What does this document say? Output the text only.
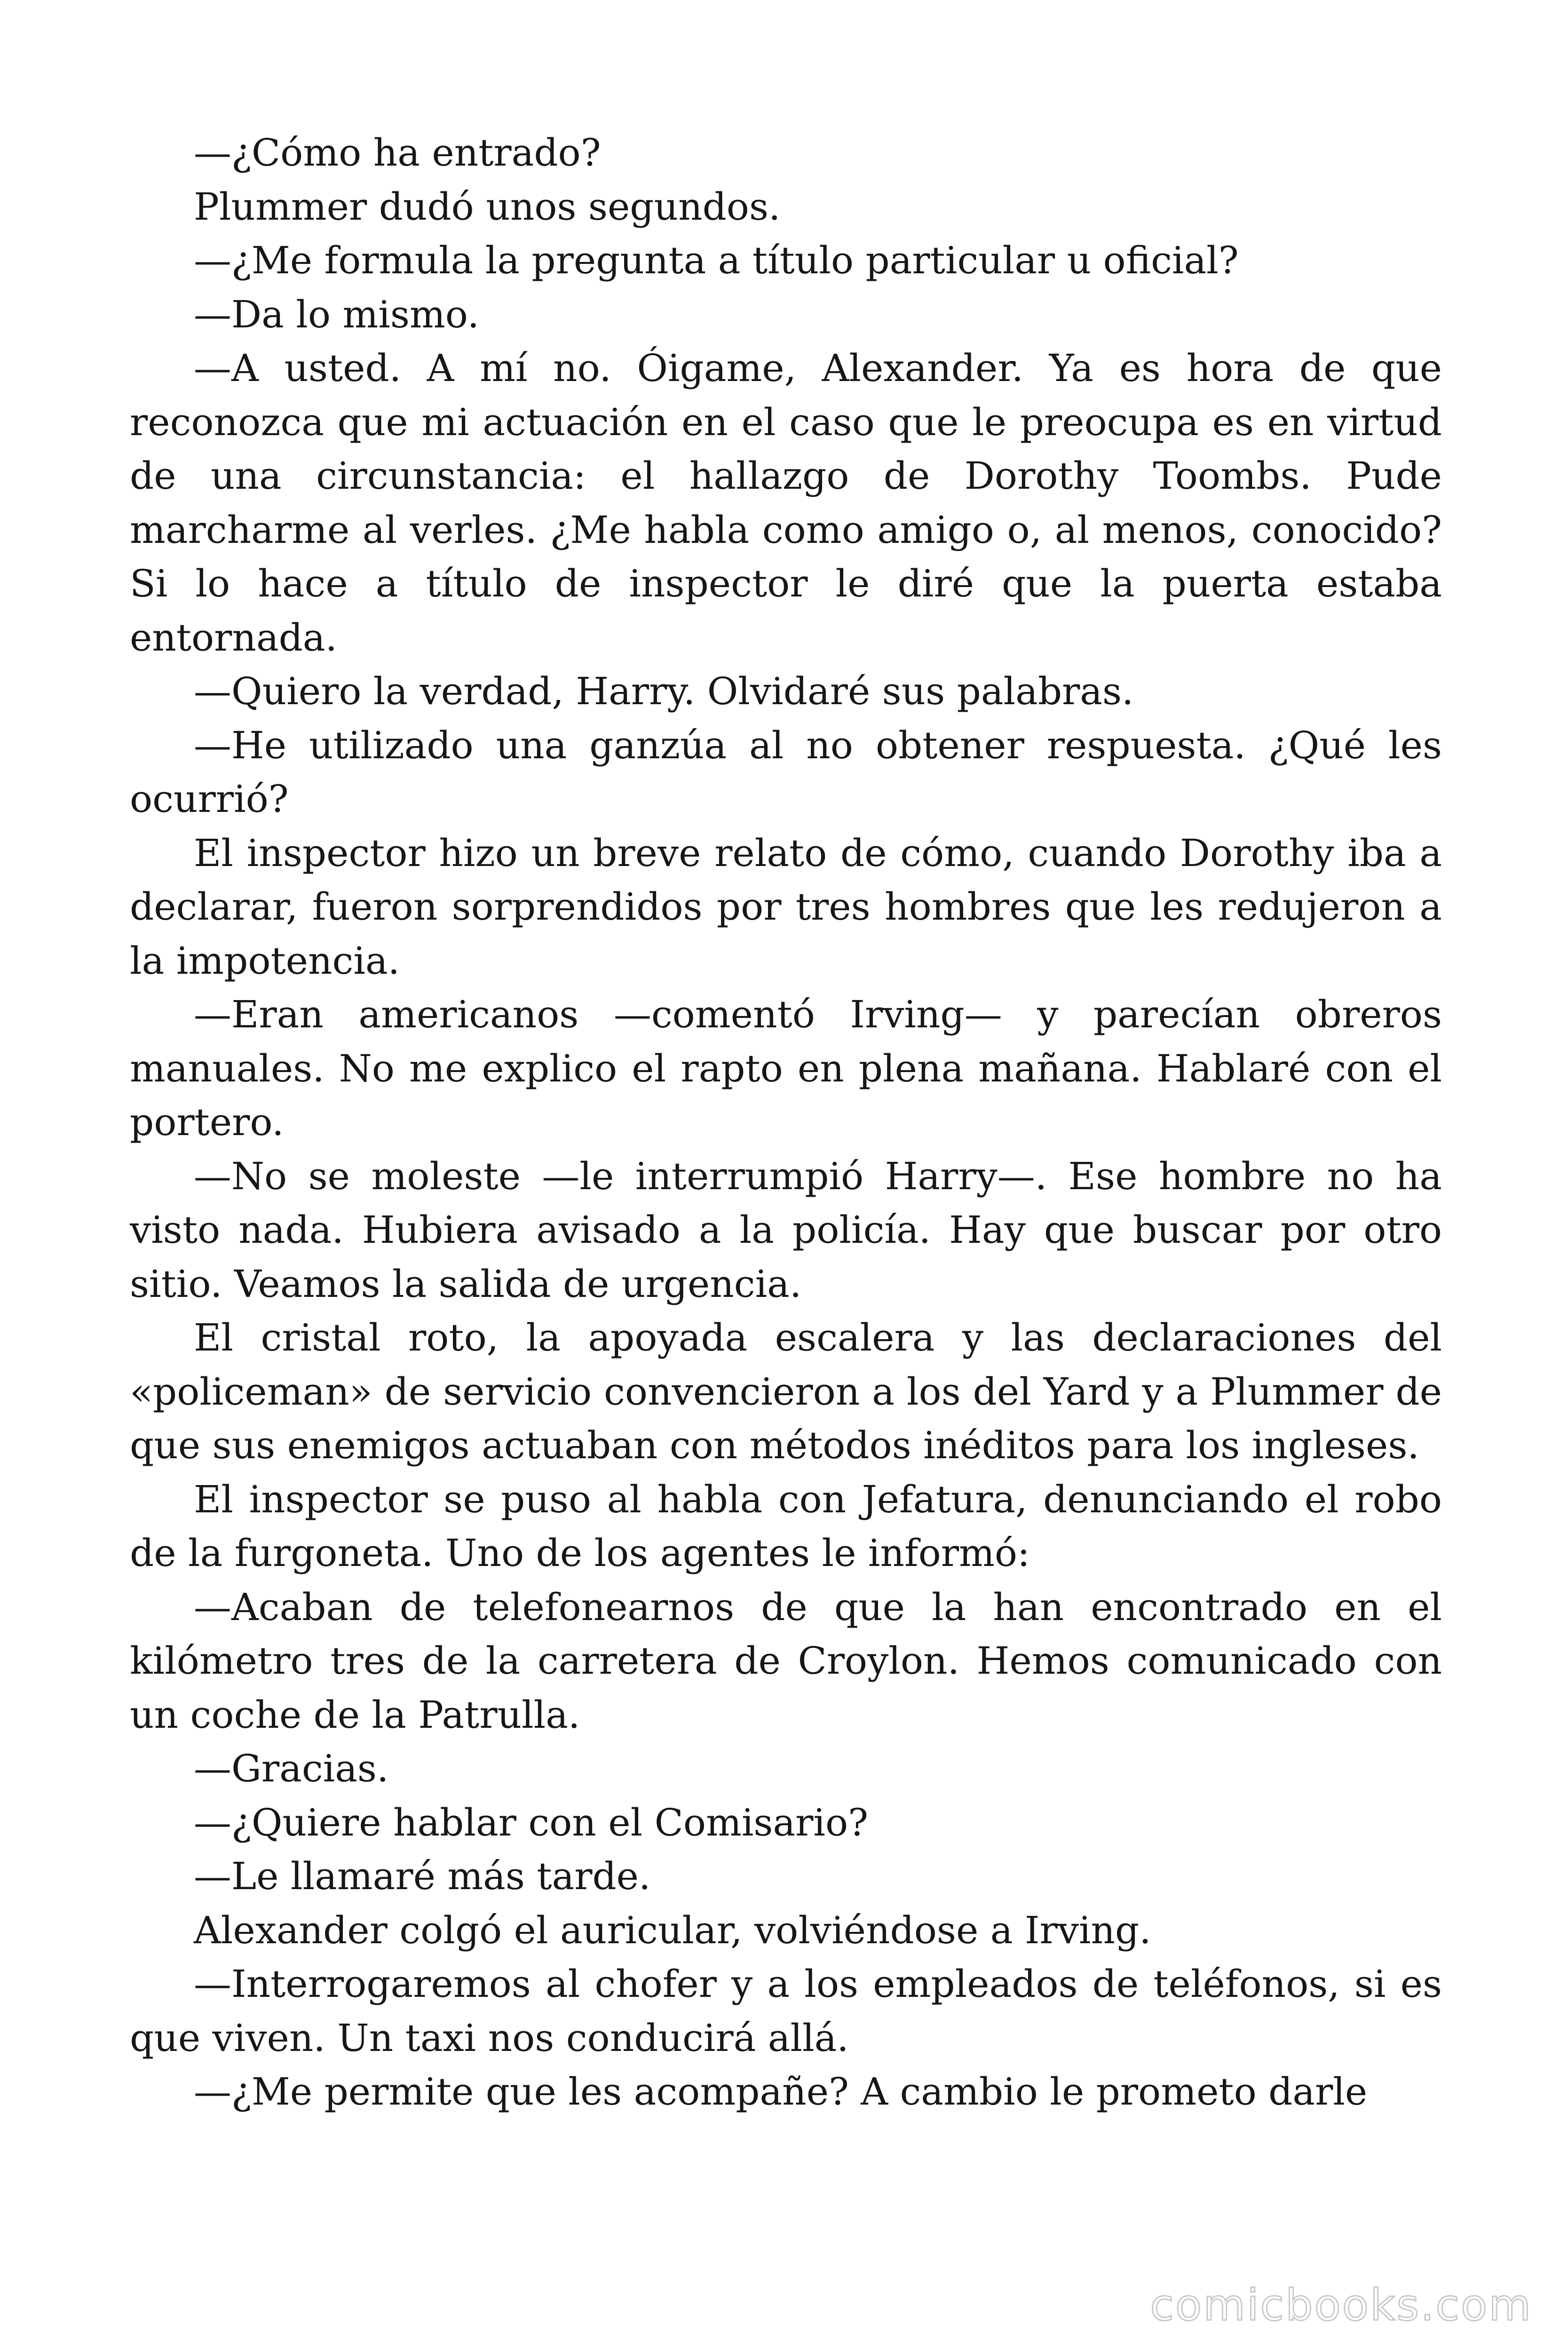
—¿Cómo ha entrado?

Plummer dudó unos segundos.

—¿Me formula la pregunta a título particular u oficial?

—Da lo mismo.

—A usted. A mí no. Óigame, Alexander. Ya es hora de que reconozca que mi actuación en el caso que le preocupa es en virtud de una circunstancia: el hallazgo de Dorothy Toombs. Pude marcharme al verles. ¿Me habla como amigo o, al menos, conocido? Si lo hace a título de inspector le diré que la puerta estaba entornada.

—Quiero la verdad, Harry. Olvidaré sus palabras.

—He utilizado una ganzúa al no obtener respuesta. ¿Qué les ocurrió?

El inspector hizo un breve relato de cómo, cuando Dorothy iba a declarar, fueron sorprendidos por tres hombres que les redujeron a la impotencia.

—Eran americanos —comentó Irving— y parecían obreros manuales. No me explico el rapto en plena mañana. Hablaré con el portero.

—No se moleste —le interrumpió Harry—. Ese hombre no ha visto nada. Hubiera avisado a la policía. Hay que buscar por otro sitio. Veamos la salida de urgencia.

El cristal roto, la apoyada escalera y las declaraciones del «policeman» de servicio convencieron a los del Yard y a Plummer de que sus enemigos actuaban con métodos inéditos para los ingleses.

El inspector se puso al habla con Jefatura, denunciando el robo de la furgoneta. Uno de los agentes le informó:

—Acaban de telefonearnos de que la han encontrado en el kilómetro tres de la carretera de Croylon. Hemos comunicado con un coche de la Patrulla.

—Gracias.

—¿Quiere hablar con el Comisario?

—Le llamaré más tarde.

Alexander colgó el auricular, volviéndose a Irving.

—Interrogaremos al chofer y a los empleados de teléfonos, si es que viven. Un taxi nos conducirá allá.

—¿Me permite que les acompañe? A cambio le prometo darle

comicbooks.com
